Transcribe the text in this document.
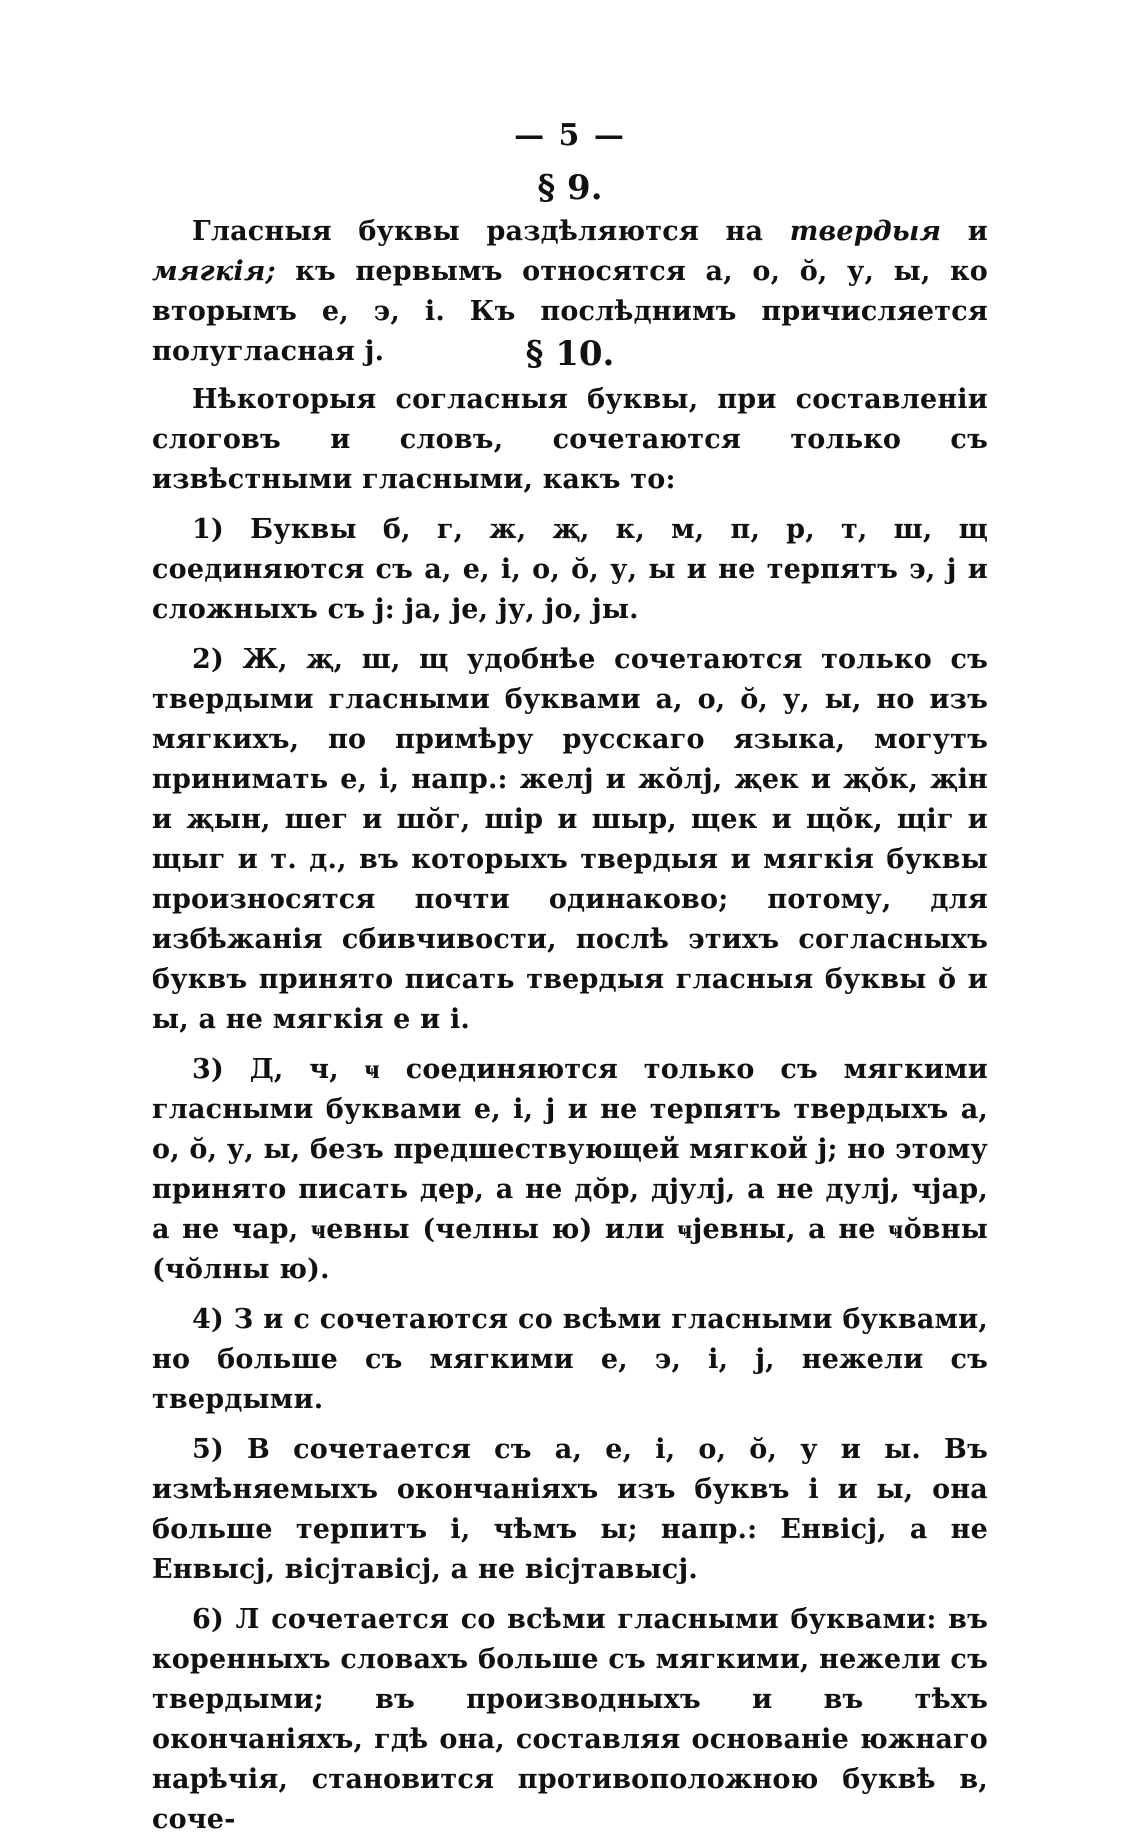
— 5 —
§ 9.

Гласныя буквы раздѣляются на твердыя и мягкія; къ первымъ относятся а, о, ŏ, у, ы, ко вторымъ е, э, і. Къ послѣднимъ причисляется полугласная ј.	§ 10.

Нѣкоторыя согласныя буквы, при составленіи слоговъ и словъ, сочетаются только съ извѣстными гласными, какъ то:

1) Буквы б, г, ж, җ, к, м, п, р, т, ш, щ соединяются съ а, е, і, о, ŏ, у, ы и не терпятъ э, ј и сложныхъ съ ј: ја, је, ју, јо, јы.

2) Ж, җ, ш, щ удобнѣе сочетаются только съ твердыми гласными буквами а, о, ŏ, у, ы, но изъ мягкихъ, по примѣру русскаго языка, могутъ принимать е, і, напр.: желј и жŏлј, җек и җŏк, җін и җын, шег и шŏг, шір и шыр, щек и щŏк, щіг и щыг и т. д., въ которыхъ твердыя и мягкія буквы произносятся почти одинаково; потому, для избѣжанія сбивчивости, послѣ этихъ согласныхъ буквъ принято писать твердыя гласныя буквы ŏ и ы, а не мягкія е и і.

3) Д, ч, ҹ соединяются только съ мягкими гласными буквами е, і, ј и не терпятъ твердыхъ а, о, ŏ, у, ы, безъ предшествующей мягкой ј; но этому принято писать дер, а не дŏр, дјулј, а не дулј, чјар, а не чар, ҹевны (челны ю) или ҹјевны, а не ҹŏвны (чŏлны ю).

4) З и с сочетаются со всѣми гласными буквами, но больше съ мягкими е, э, і, ј, нежели съ твердыми.

5) В сочетается съ а, е, і, о, ŏ, у и ы. Въ измѣняемыхъ окончаніяхъ изъ буквъ і и ы, она больше терпитъ і, чѣмъ ы; напр.: Енвісј, а не Енвысј, вісјтавісј, а не вісјтавысј.

6) Л сочетается со всѣми гласными буквами: въ коренныхъ словахъ больше съ мягкими, нежели съ твердыми; въ производныхъ и въ тѣхъ окончаніяхъ, гдѣ она, составляя основаніе южнаго нарѣчія, становится противоположною буквѣ в, соче-
